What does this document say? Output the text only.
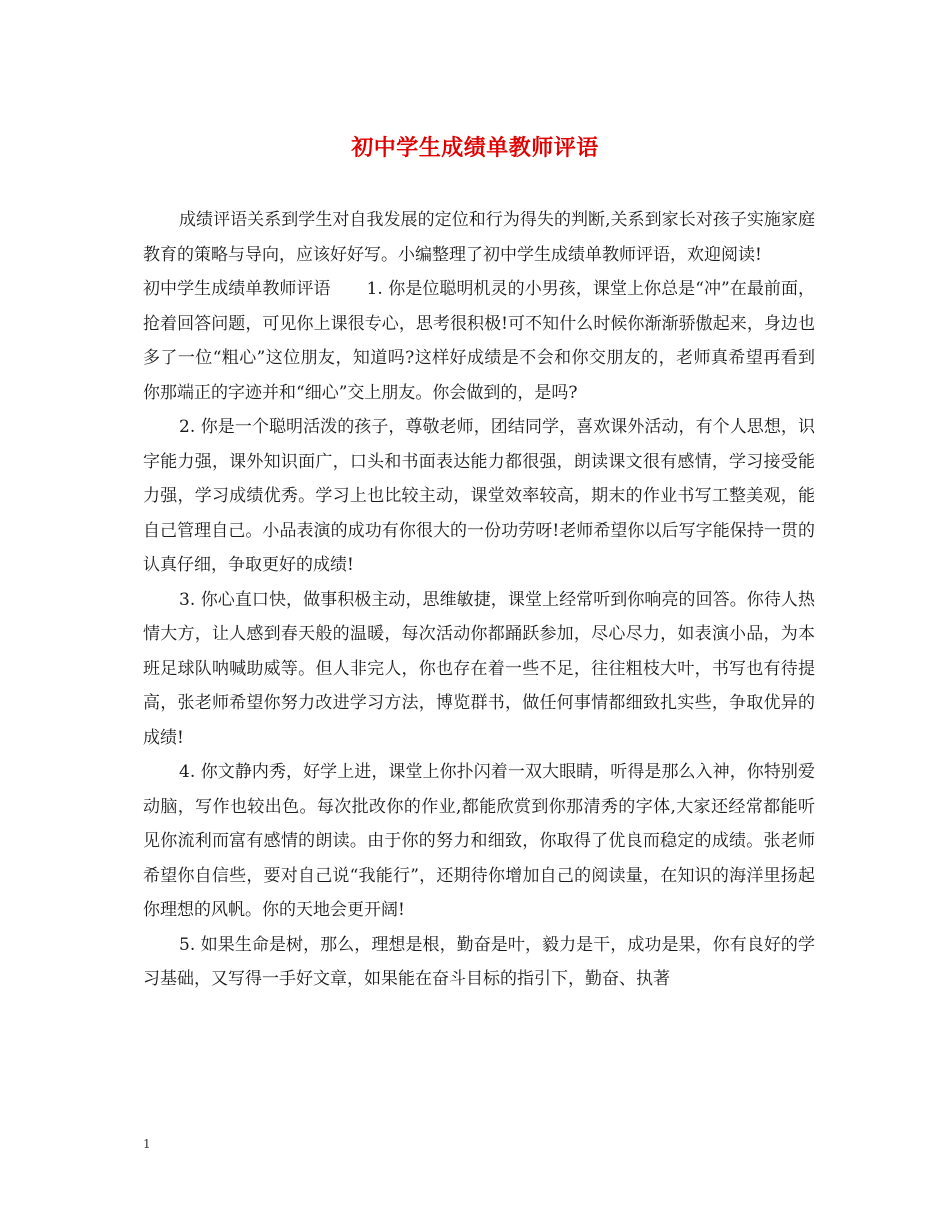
初中学生成绩单教师评语

成绩评语关系到学生对自我发展的定位和行为得失的判断,关系到家长对孩子实施家庭教育的策略与导向，应该好好写。小编整理了初中学生成绩单教师评语，欢迎阅读!

初中学生成绩单教师评语 1. 你是位聪明机灵的小男孩，课堂上你总是“冲”在最前面，抢着回答问题，可见你上课很专心，思考很积极!可不知什么时候你渐渐骄傲起来，身边也多了一位“粗心”这位朋友，知道吗?这样好成绩是不会和你交朋友的，老师真希望再看到你那端正的字迹并和“细心”交上朋友。你会做到的，是吗?

2. 你是一个聪明活泼的孩子，尊敬老师，团结同学，喜欢课外活动，有个人思想，识字能力强，课外知识面广，口头和书面表达能力都很强，朗读课文很有感情，学习接受能力强，学习成绩优秀。学习上也比较主动，课堂效率较高，期末的作业书写工整美观，能自己管理自己。小品表演的成功有你很大的一份功劳呀!老师希望你以后写字能保持一贯的认真仔细，争取更好的成绩!

3. 你心直口快，做事积极主动，思维敏捷，课堂上经常听到你响亮的回答。你待人热情大方，让人感到春天般的温暖，每次活动你都踊跃参加，尽心尽力，如表演小品，为本班足球队呐喊助威等。但人非完人，你也存在着一些不足，往往粗枝大叶，书写也有待提高，张老师希望你努力改进学习方法，博览群书，做任何事情都细致扎实些，争取优异的成绩!

4. 你文静内秀，好学上进，课堂上你扑闪着一双大眼睛，听得是那么入神，你特别爱动脑，写作也较出色。每次批改你的作业,都能欣赏到你那清秀的字体,大家还经常都能听见你流利而富有感情的朗读。由于你的努力和细致，你取得了优良而稳定的成绩。张老师希望你自信些，要对自己说“我能行”，还期待你增加自己的阅读量，在知识的海洋里扬起你理想的风帆。你的天地会更开阔!

5. 如果生命是树，那么，理想是根，勤奋是叶，毅力是干，成功是果，你有良好的学习基础，又写得一手好文章，如果能在奋斗目标的指引下，勤奋、执著

1
